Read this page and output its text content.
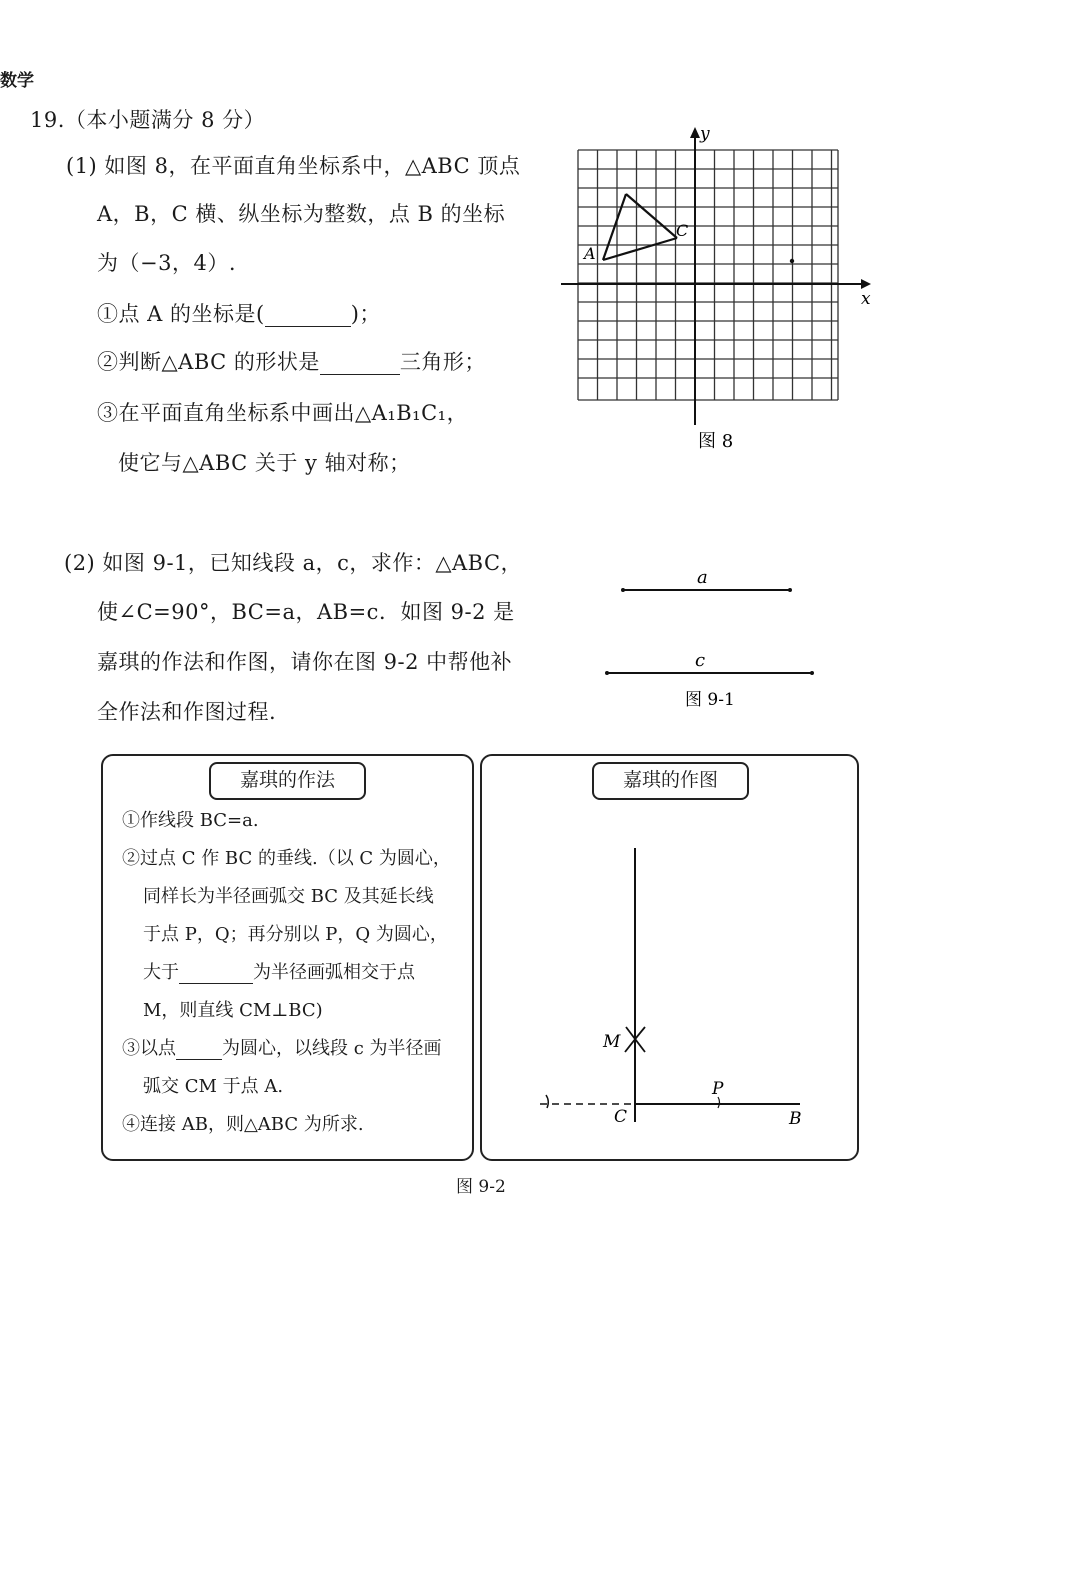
数学
19.（本小题满分 8 分）
(1) 如图 8，在平面直角坐标系中，△ABC 顶点
A，B，C 横、纵坐标为整数，点 B 的坐标
为（−3，4）.
①点 A 的坐标是(	)；
②判断△ABC 的形状是	三角形；
③在平面直角坐标系中画出△A₁B₁C₁，
使它与△ABC 关于 y 轴对称；
y
x
A
C
图 8
(2) 如图 9-1，已知线段 a，c，求作：△ABC，
使∠C=90°，BC=a，AB=c．如图 9-2 是
嘉琪的作法和作图，请你在图 9-2 中帮他补
全作法和作图过程.
a
c
图 9-1
嘉琪的作法
①作线段 BC=a.
②过点 C 作 BC 的垂线.（以 C 为圆心，
同样长为半径画弧交 BC 及其延长线
于点 P，Q；再分别以 P，Q 为圆心，
大于	为半径画弧相交于点
M，则直线 CM⊥BC)
③以点	为圆心，以线段 c 为半径画
弧交 CM 于点 A.
④连接 AB，则△ABC 为所求.
嘉琪的作图
M
P
C	B
图 9-2
